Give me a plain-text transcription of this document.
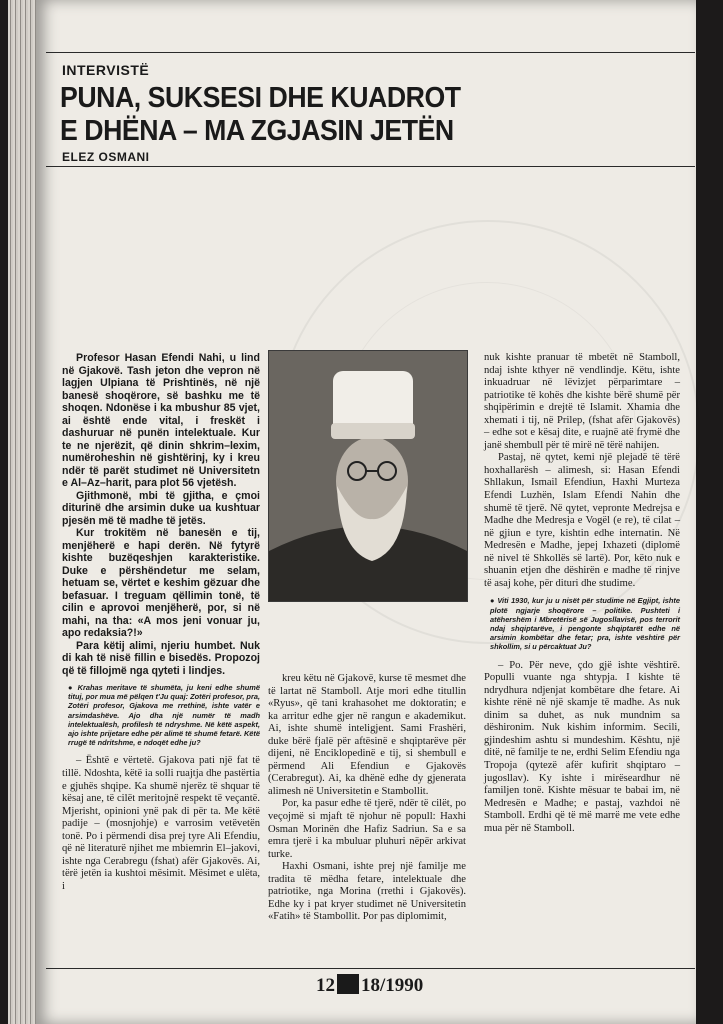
INTERVISTË
PUNA, SUKSESI DHE KUADROT
E DHËNA – MA ZGJASIN JETËN
ELEZ OSMANI

Profesor Hasan Efendi Nahi, u lind në Gjakovë. Tash jeton dhe vepron në lagjen Ulpiana të Prishtinës, në një banesë shoqërore, së bashku me të shoqen. Ndonëse i ka mbushur 85 vjet, ai është ende vital, i freskët i dashuruar në punën intelektuale. Kur te ne njerëzit, që dinin shkrim–lexim, numëroheshin në gishtërinj, ky i kreu ndër të parët studimet në Universitetn e Al–Az–harit, para plot 56 vjetësh.

Gjithmonë, mbi të gjitha, e çmoi diturinë dhe arsimin duke ua kushtuar pjesën më të madhe të jetës.

Kur trokitëm në banesën e tij, menjëherë e hapi derën. Në fytyrë kishte buzëqeshjen karakteristike. Duke e përshëndetur me selam, hetuam se, vërtet e keshim gëzuar dhe befasuar. I treguam qëllimin tonë, të cilin e aprovoi menjëherë, por, si në mahi, na tha: «A mos jeni vonuar ju, apo redaksia?!»

Para këtij alimi, njeriu humbet. Nuk di kah të nisë fillin e bisedës. Propozoj që të fillojmë nga qyteti i lindjes.

● Krahas meritave të shumëta, ju keni edhe shumë tituj, por mua më pëlqen t'Ju quaj: Zotëri profesor, pra, Zotëri profesor, Gjakova me rrethinë, ishte vatër e arsimdashëve. Ajo dha një numër të madh intelektualësh, profilesh të ndryshme. Në këtë aspekt, ajo ishte prijetare edhe për alimë të shumë fetarë. Këtë rrugë të ndritshme, e ndoqët edhe ju?

– Është e vërtetë. Gjakova pati një fat të tillë. Ndoshta, këtë ia solli ruajtja dhe pastërtia e gjuhës shqipe. Ka shumë njerëz të shquar të kësaj ane, të cilët meritojnë respekt të veçantë. Mjerisht, opinioni ynë pak di për ta. Me këtë padije – (mosnjohje) e varrosim vetëvetën tonë. Po i përmendi disa prej tyre Ali Efendiu, që në literaturë njihet me mbiemrin El–jakovi, ishte nga Cerabregu (fshat) afër Gjakovës. Ai, tërë jetën ia kushtoi mësimit. Mësimet e ulëta, i

kreu këtu në Gjakovë, kurse të mesmet dhe të lartat në Stamboll. Atje mori edhe titullin «Ryus», që tani krahasohet me doktoratin; e ka arritur edhe gjer në rangun e akademikut. Ai, ishte shumë inteligjent. Sami Frashëri, duke bërë fjalë për aftësinë e shqiptarëve për dijeni, në Enciklopedinë e tij, si shembull e përmend Ali Efendiun e Gjakovës (Cerabregut). Ai, ka dhënë edhe dy gjenerata alimesh në Universitetin e Stambollit.

Por, ka pasur edhe të tjerë, ndër të cilët, po veçojmë si mjaft të njohur në popull: Haxhi Osman Morinën dhe Hafiz Sadriun. Sa e sa emra tjerë i ka mbuluar pluhuri nëpër arkivat turke.

Haxhi Osmani, ishte prej një familje me tradita të mëdha fetare, intelektuale dhe patriotike, nga Morina (rrethi i Gjakovës). Edhe ky i pat kryer studimet në Universitetin «Fatih» të Stambollit. Por pas diplomimit,

nuk kishte pranuar të mbetët në Stamboll, ndaj ishte kthyer në vendlindje. Këtu, ishte inkuadruar në lëvizjet përparimtare – patriotike të kohës dhe kishte bërë shumë për shqipërimin e drejtë të Islamit. Xhamia dhe xhemati i tij, në Prilep, (fshat afër Gjakovës) – edhe sot e kësaj dite, e ruajnë atë frymë dhe janë shembull për të mirë në tërë nahijen.

Pastaj, në qytet, kemi një plejadë të tërë hoxhallarësh – alimesh, si: Hasan Efendi Shllakun, Ismail Efendiun, Haxhi Murteza Efendi Luzhën, Islam Efendi Nahin dhe shumë të tjerë. Në qytet, vepronte Medrejsa e Madhe dhe Medresja e Vogël (e re), të cilat – në gjiun e tyre, kishtin edhe internatin. Në Medresën e Madhe, jepej Ixhazeti (diplomë në nivel të Shkollës së lartë). Por, këto nuk e shuanin etjen dhe dëshirën e madhe të rinjve të asaj kohe, për dituri dhe studime.

● Viti 1930, kur ju u nisët për studime në Egjipt, ishte plotë ngjarje shoqërore – politike. Pushteti i atëhershëm i Mbretërisë së Jugosllavisë, pos terrorit ndaj shqiptarëve, i pengonte shqiptarët edhe në arsimin kombëtar dhe fetar; pra, ishte vështirë për shkollim, si u përcaktuat Ju?

– Po. Për neve, çdo gjë ishte vështirë. Populli vuante nga shtypja. I kishte të ndrydhura ndjenjat kombëtare dhe fetare. Ai kishte rënë në një skamje të madhe. As nuk dinim sa duhet, as nuk mundnim sa dëshironim. Nuk kishim informim. Secili, gjindeshim ashtu si mundeshim. Kështu, një ditë, në familje te ne, erdhi Selim Efendiu nga Tropoja (qytezë afër kufirit shqiptaro – jugosllav). Ky ishte i mirëseardhur në familjen tonë. Kishte mësuar te babai im, në Medresën e Madhe; e pastaj, vazhdoi në Stamboll. Erdhi që të më marrë me vete edhe mua për në Stamboll.

12 18/1990
